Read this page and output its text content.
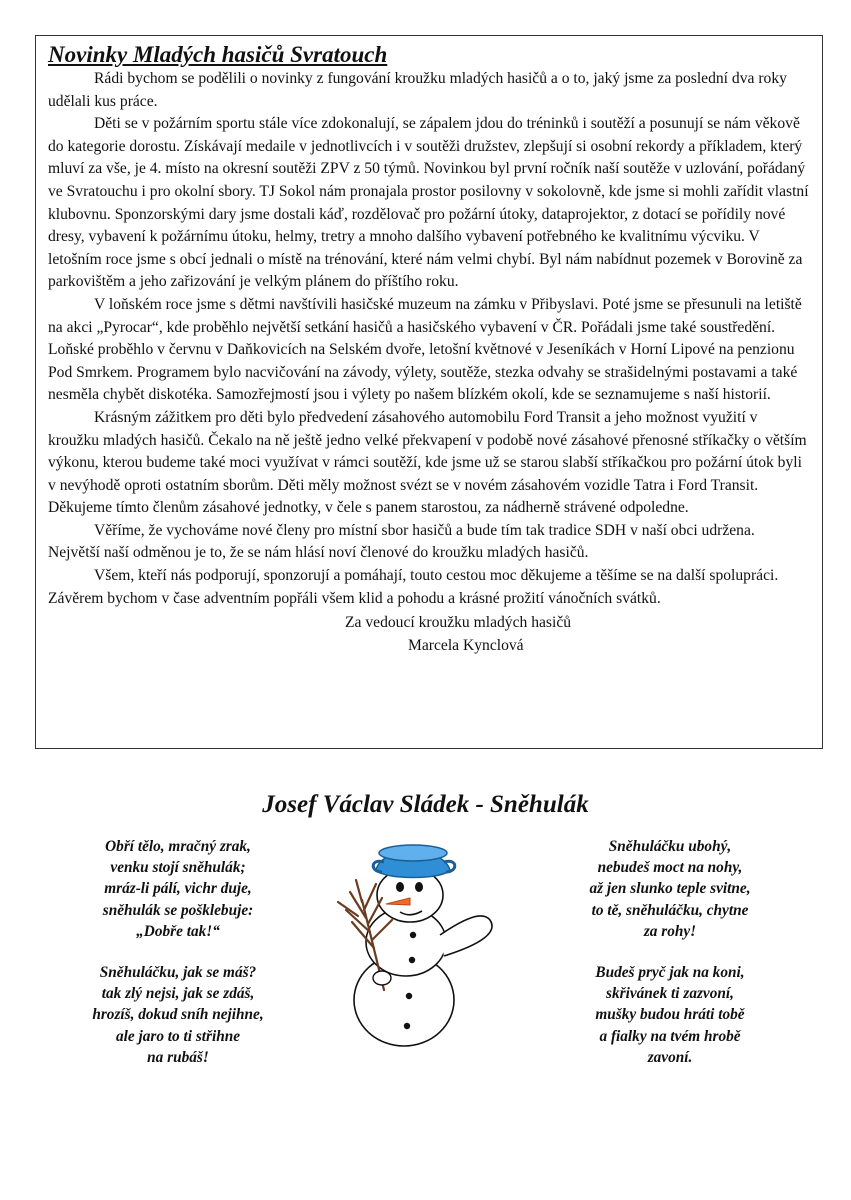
Novinky Mladých hasičů Svratouch

Rádi bychom se podělili o novinky z fungování kroužku mladých hasičů a o to, jaký jsme za poslední dva roky udělali kus práce.

Děti se v požárním sportu stále více zdokonalují, se zápalem jdou do tréninků i soutěží a posunují se nám věkově do kategorie dorostu. Získávají medaile v jednotlivcích i v soutěži družstev, zlepšují si osobní rekordy a příkladem, který mluví za vše, je 4. místo na okresní soutěži ZPV z 50 týmů. Novinkou byl první ročník naší soutěže v uzlování, pořádaný ve Svratouchu i pro okolní sbory. TJ Sokol nám pronajala prostor posilovny v sokolovně, kde jsme si mohli zařídit vlastní klubovnu. Sponzorskými dary jsme dostali káď, rozdělovač pro požární útoky, dataprojektor, z dotací se pořídily nové dresy, vybavení k požárnímu útoku, helmy, tretry a mnoho dalšího vybavení potřebného ke kvalitnímu výcviku. V letošním roce jsme s obcí jednali o místě na trénování, které nám velmi chybí. Byl nám nabídnut pozemek v Borovině za parkovištěm a jeho zařizování je velkým plánem do příštího roku.

V loňském roce jsme s dětmi navštívili hasičské muzeum na zámku v Přibyslavi. Poté jsme se přesunuli na letiště na akci „Pyrocar“, kde proběhlo největší setkání hasičů a hasičského vybavení v ČR. Pořádali jsme také soustředění. Loňské proběhlo v červnu v Daňkovicích na Selském dvoře, letošní květnové v Jeseníkách v Horní Lipové na penzionu Pod Smrkem. Programem bylo nacvičování na závody, výlety, soutěže, stezka odvahy se strašidelnými postavami a také nesměla chybět diskotéka. Samozřejmostí jsou i výlety po našem blízkém okolí, kde se seznamujeme s naší historií.

Krásným zážitkem pro děti bylo předvedení zásahového automobilu Ford Transit a jeho možnost využití v kroužku mladých hasičů. Čekalo na ně ještě jedno velké překvapení v podobě nové zásahové přenosné stříkačky o větším výkonu, kterou budeme také moci využívat v rámci soutěží, kde jsme už se starou slabší stříkačkou pro požární útok byli v nevýhodě oproti ostatním sborům. Děti měly možnost svézt se v novém zásahovém vozidle Tatra i Ford Transit. Děkujeme tímto členům zásahové jednotky, v čele s panem starostou, za nádherně strávené odpoledne.

Věříme, že vychováme nové členy pro místní sbor hasičů a bude tím tak tradice SDH v naší obci udržena. Největší naší odměnou je to, že se nám hlásí noví členové do kroužku mladých hasičů.

Všem, kteří nás podporují, sponzorují a pomáhají, touto cestou moc děkujeme a těšíme se na další spolupráci. Závěrem bychom v čase adventním popřáli všem klid a pohodu a krásné prožití vánočních svátků.

Za vedoucí kroužku mladých hasičů
Marcela Kynclová
Josef Václav Sládek - Sněhulák
Obří tělo, mračný zrak,
venku stojí sněhulák;
mráz-li pálí, vichr duje,
sněhulák se pošklebuje:
„Dobře tak!“
Sněhuláčku, jak se máš?
tak zlý nejsi, jak se zdáš,
hrozíš, dokud sníh nejihne,
ale jaro to ti střihne
na rubáš!
Sněhuláčku ubohý,
nebudeš moct na nohy,
až jen slunko teple svitne,
to tě, sněhuláčku, chytne
za rohy!
Budeš pryč jak na koni,
skřivánek ti zazvoní,
mušky budou hráti tobě
a fialky na tvém hrobě
zavoní.
